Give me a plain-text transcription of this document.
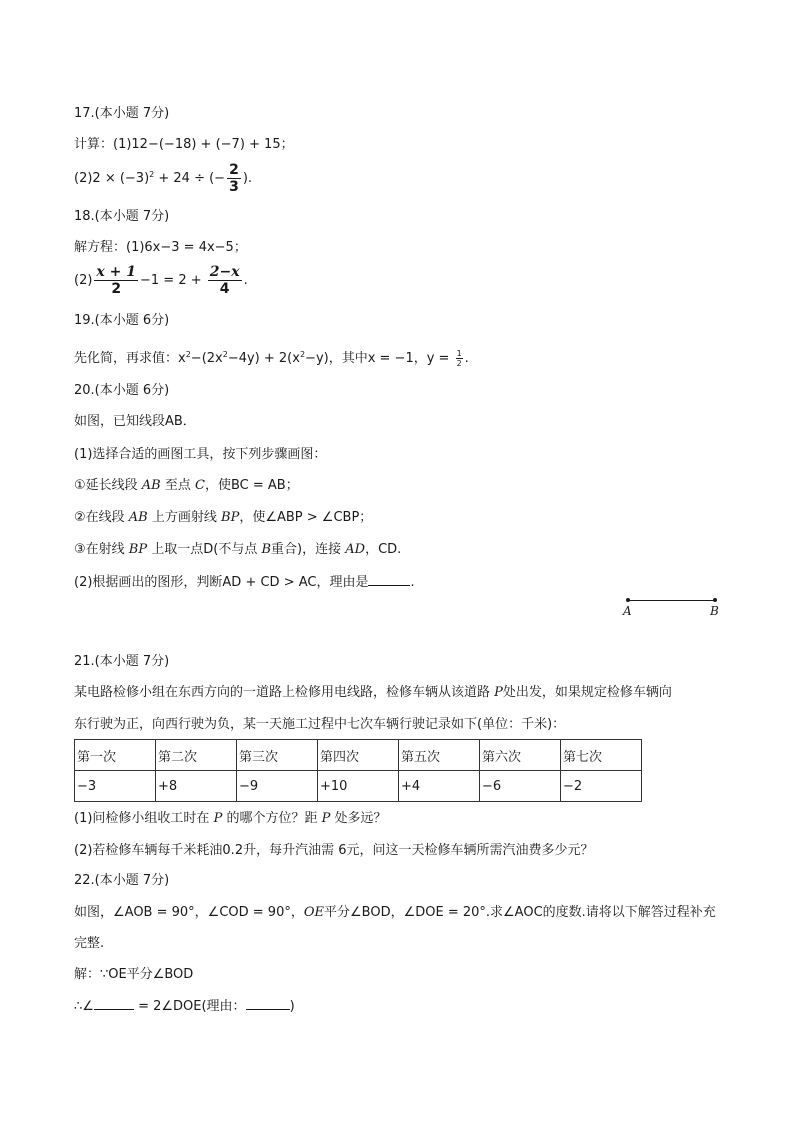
17.(本小题 7分)
计算：(1)12−(−18) + (−7) + 15；
$(2)2 \times (-3)^2 + 24$ ÷ (− $\frac{2}{3}$ ).
18.(本小题 7分)
解方程：(1)6x−3 = 4x−5；
$(2) \frac{x + 1}{2} -1 = 2 + \frac{2-x}{4}$ .
19.(本小题 6分)
先化简，再求值：$x^2-(2x^2-4y) + 2(x^2-y)$，其中x = −1，$y = \frac{1}{2}$ .
20.(本小题 6分)
如图，已知线段AB．
(1)选择合适的画图工具，按下列步骤画图：
①延长线段 AB 至点 C，使BC = AB；
②在线段 AB 上方画射线 BP，使∠ABP > ∠CBP；
③在射线 BP 上取一点D(不与点 B重合)，连接 AD，CD.
(2)根据画出的图形，判断AD + CD > AC，理由是	.
A	B
21.(本小题 7分)
某电路检修小组在东西方向的一道路上检修用电线路，检修车辆从该道路 P处出发，如果规定检修车辆向
东行驶为正，向西行驶为负，某一天施工过程中七次车辆行驶记录如下(单位：千米)：
第一次	第二次	第三次	第四次	第五次	第六次	第七次
−3	+8	−9	+10	+4	−6	−2
(1)问检修小组收工时在 P 的哪个方位？距 P 处多远？
(2)若检修车辆每千米耗油0.2升，每升汽油需 6元，问这一天检修车辆所需汽油费多少元？
22.(本小题 7分)
如图，∠AOB = 90°，∠COD = 90°，OE平分∠BOD，∠DOE = 20°.求∠AOC的度数.请将以下解答过程补充
完整.
解：∵OE平分∠BOD
∴∠	= 2∠DOE(理由：	)
